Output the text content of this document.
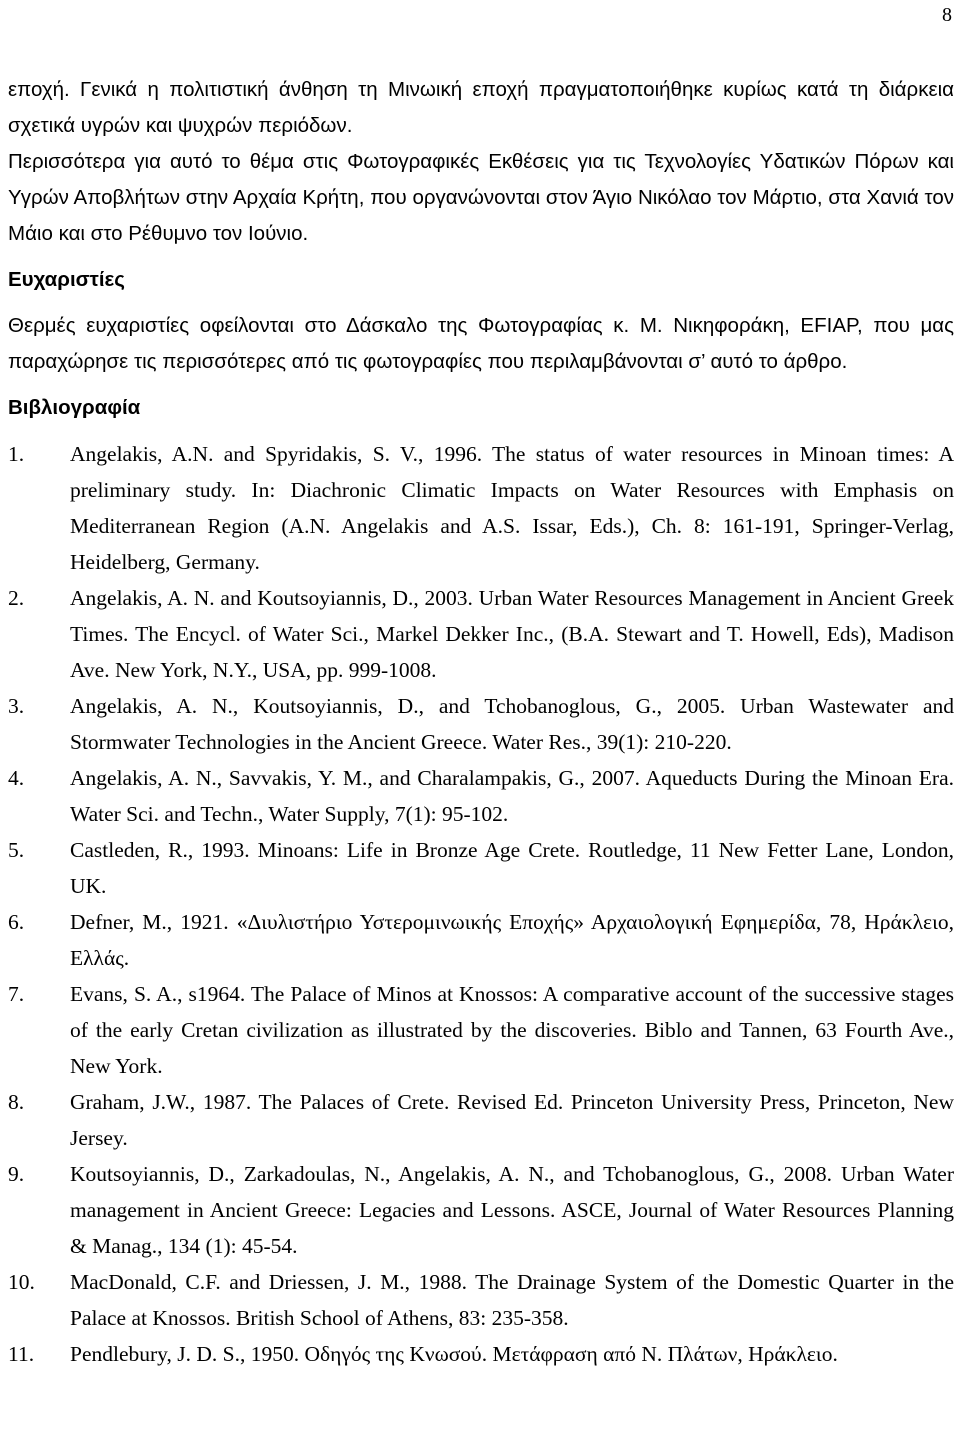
8

εποχή. Γενικά η πολιτιστική άνθηση τη Μινωική εποχή πραγματοποιήθηκε κυρίως κατά τη διάρκεια σχετικά υγρών και ψυχρών περιόδων.

Περισσότερα για αυτό το θέμα στις Φωτογραφικές Εκθέσεις για τις Τεχνολογίες Υδατικών Πόρων και Υγρών Αποβλήτων στην Αρχαία Κρήτη, που οργανώνονται στον Άγιο Νικόλαο τον Μάρτιο, στα Χανιά τον Μάιο και στο Ρέθυμνο τον Ιούνιο.

Ευχαριστίες

Θερμές ευχαριστίες οφείλονται στο Δάσκαλο της Φωτογραφίας κ. Μ. Νικηφοράκη, EFIAP, που μας παραχώρησε τις περισσότερες από τις φωτογραφίες που περιλαμβάνονται σ’ αυτό το άρθρο.

Βιβλιογραφία
1. Angelakis, A.N. and Spyridakis, S. V., 1996. The status of water resources in Minoan times: A preliminary study. In: Diachronic Climatic Impacts on Water Resources with Emphasis on Mediterranean Region (A.N. Angelakis and A.S. Issar, Eds.), Ch. 8: 161-191, Springer-Verlag, Heidelberg, Germany.
2. Angelakis, A. N. and Koutsoyiannis, D., 2003. Urban Water Resources Management in Ancient Greek Times. The Encycl. of Water Sci., Markel Dekker Inc., (B.A. Stewart and T. Howell, Eds), Madison Ave. New York, N.Y., USA, pp. 999-1008.
3. Angelakis, A. N., Koutsoyiannis, D., and Tchobanoglous, G., 2005. Urban Wastewater and Stormwater Technologies in the Ancient Greece. Water Res., 39(1): 210-220.
4. Angelakis, A. N., Savvakis, Y. M., and Charalampakis, G., 2007. Aqueducts During the Minoan Era. Water Sci. and Techn., Water Supply, 7(1): 95-102.
5. Castleden, R., 1993. Minoans: Life in Bronze Age Crete. Routledge, 11 New Fetter Lane, London, UK.
6. Defner, M., 1921. «Διυλιστήριο Υστερομινωικής Εποχής» Αρχαιολογική Εφημερίδα, 78, Ηράκλειο, Ελλάς.
7. Evans, S. A., s1964. The Palace of Minos at Knossos: A comparative account of the successive stages of the early Cretan civilization as illustrated by the discoveries. Biblo and Tannen, 63 Fourth Ave., New York.
8. Graham, J.W., 1987. The Palaces of Crete. Revised Ed. Princeton University Press, Princeton, New Jersey.
9. Koutsoyiannis, D., Zarkadoulas, N., Angelakis, A. N., and Tchobanoglous, G., 2008. Urban Water management in Ancient Greece: Legacies and Lessons. ASCE, Journal of Water Resources Planning & Manag., 134 (1): 45-54.
10. MacDonald, C.F. and Driessen, J. M., 1988. The Drainage System of the Domestic Quarter in the Palace at Knossos. British School of Athens, 83: 235-358.
11. Pendlebury, J. D. S., 1950. Οδηγός της Κνωσού. Μετάφραση από Ν. Πλάτων, Ηράκλειο.
